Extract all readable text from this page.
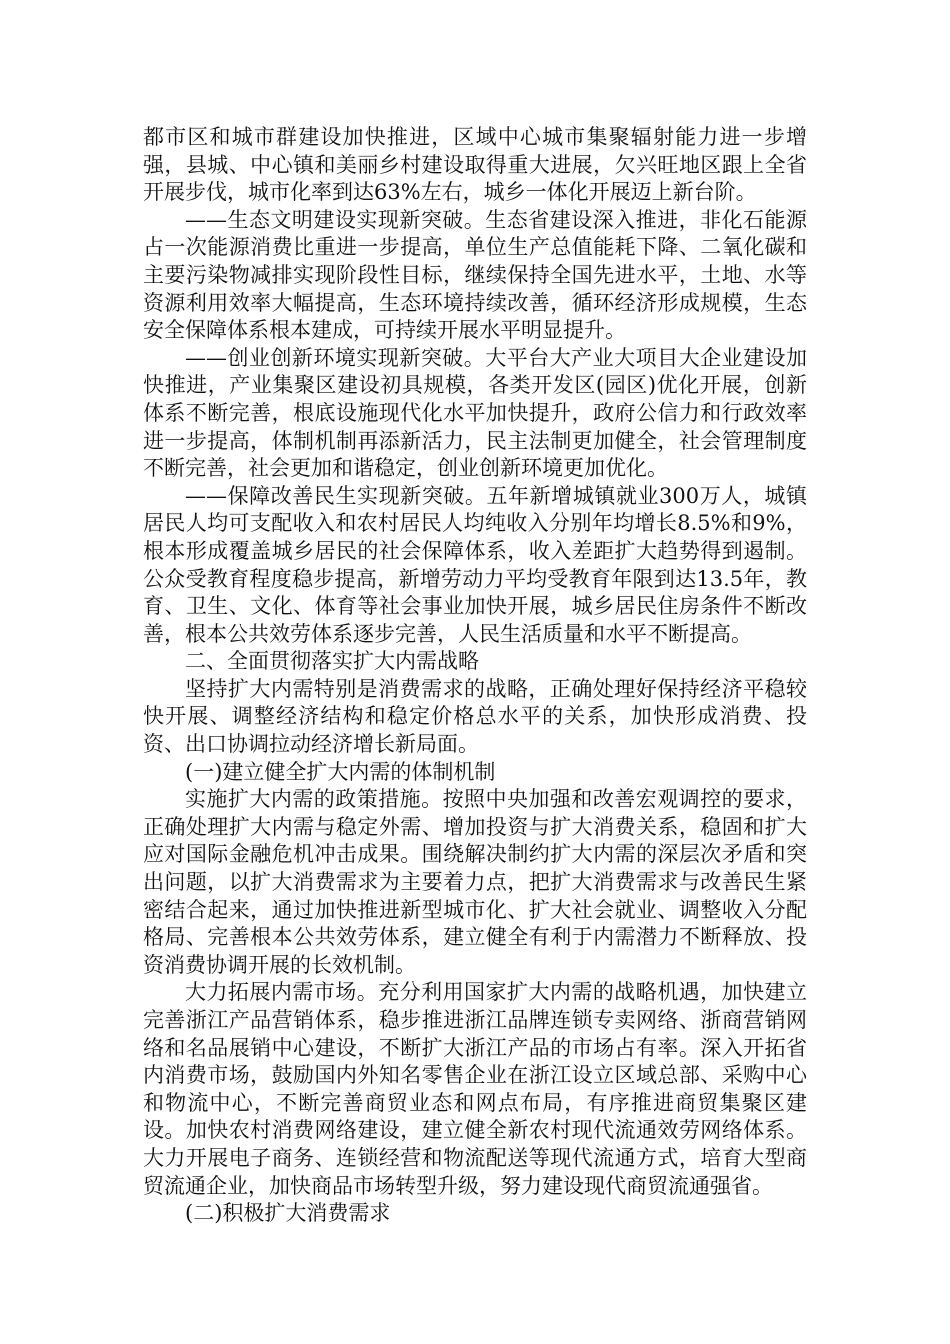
都市区和城市群建设加快推进，区域中心城市集聚辐射能力进一步增强，县城、中心镇和美丽乡村建设取得重大进展，欠兴旺地区跟上全省开展步伐，城市化率到达63%左右，城乡一体化开展迈上新台阶。

——生态文明建设实现新突破。生态省建设深入推进，非化石能源占一次能源消费比重进一步提高，单位生产总值能耗下降、二氧化碳和主要污染物减排实现阶段性目标，继续保持全国先进水平，土地、水等资源利用效率大幅提高，生态环境持续改善，循环经济形成规模，生态安全保障体系根本建成，可持续开展水平明显提升。

——创业创新环境实现新突破。大平台大产业大项目大企业建设加快推进，产业集聚区建设初具规模，各类开发区(园区)优化开展，创新体系不断完善，根底设施现代化水平加快提升，政府公信力和行政效率进一步提高，体制机制再添新活力，民主法制更加健全，社会管理制度不断完善，社会更加和谐稳定，创业创新环境更加优化。

——保障改善民生实现新突破。五年新增城镇就业300万人，城镇居民人均可支配收入和农村居民人均纯收入分别年均增长8.5%和9%，根本形成覆盖城乡居民的社会保障体系，收入差距扩大趋势得到遏制。公众受教育程度稳步提高，新增劳动力平均受教育年限到达13.5年，教育、卫生、文化、体育等社会事业加快开展，城乡居民住房条件不断改善，根本公共效劳体系逐步完善，人民生活质量和水平不断提高。

二、全面贯彻落实扩大内需战略

坚持扩大内需特别是消费需求的战略，正确处理好保持经济平稳较快开展、调整经济结构和稳定价格总水平的关系，加快形成消费、投资、出口协调拉动经济增长新局面。

(一)建立健全扩大内需的体制机制

实施扩大内需的政策措施。按照中央加强和改善宏观调控的要求，正确处理扩大内需与稳定外需、增加投资与扩大消费关系，稳固和扩大应对国际金融危机冲击成果。围绕解决制约扩大内需的深层次矛盾和突出问题，以扩大消费需求为主要着力点，把扩大消费需求与改善民生紧密结合起来，通过加快推进新型城市化、扩大社会就业、调整收入分配格局、完善根本公共效劳体系，建立健全有利于内需潜力不断释放、投资消费协调开展的长效机制。

大力拓展内需市场。充分利用国家扩大内需的战略机遇，加快建立完善浙江产品营销体系，稳步推进浙江品牌连锁专卖网络、浙商营销网络和名品展销中心建设，不断扩大浙江产品的市场占有率。深入开拓省内消费市场，鼓励国内外知名零售企业在浙江设立区域总部、采购中心和物流中心，不断完善商贸业态和网点布局，有序推进商贸集聚区建设。加快农村消费网络建设，建立健全新农村现代流通效劳网络体系。大力开展电子商务、连锁经营和物流配送等现代流通方式，培育大型商贸流通企业，加快商品市场转型升级，努力建设现代商贸流通强省。

(二)积极扩大消费需求
